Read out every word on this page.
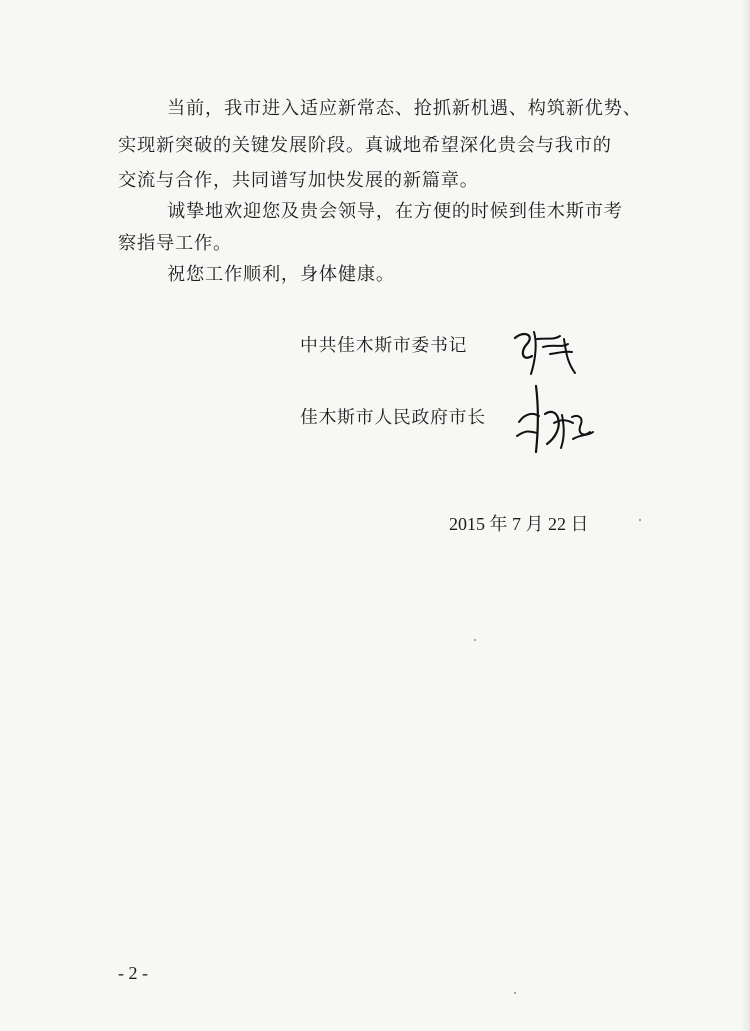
当前，我市进入适应新常态、抢抓新机遇、构筑新优势、
实现新突破的关键发展阶段。真诚地希望深化贵会与我市的
交流与合作，共同谱写加快发展的新篇章。
诚挚地欢迎您及贵会领导，在方便的时候到佳木斯市考
察指导工作。
祝您工作顺利，身体健康。
中共佳木斯市委书记
佳木斯市人民政府市长
2015 年 7 月 22 日
- 2 -
